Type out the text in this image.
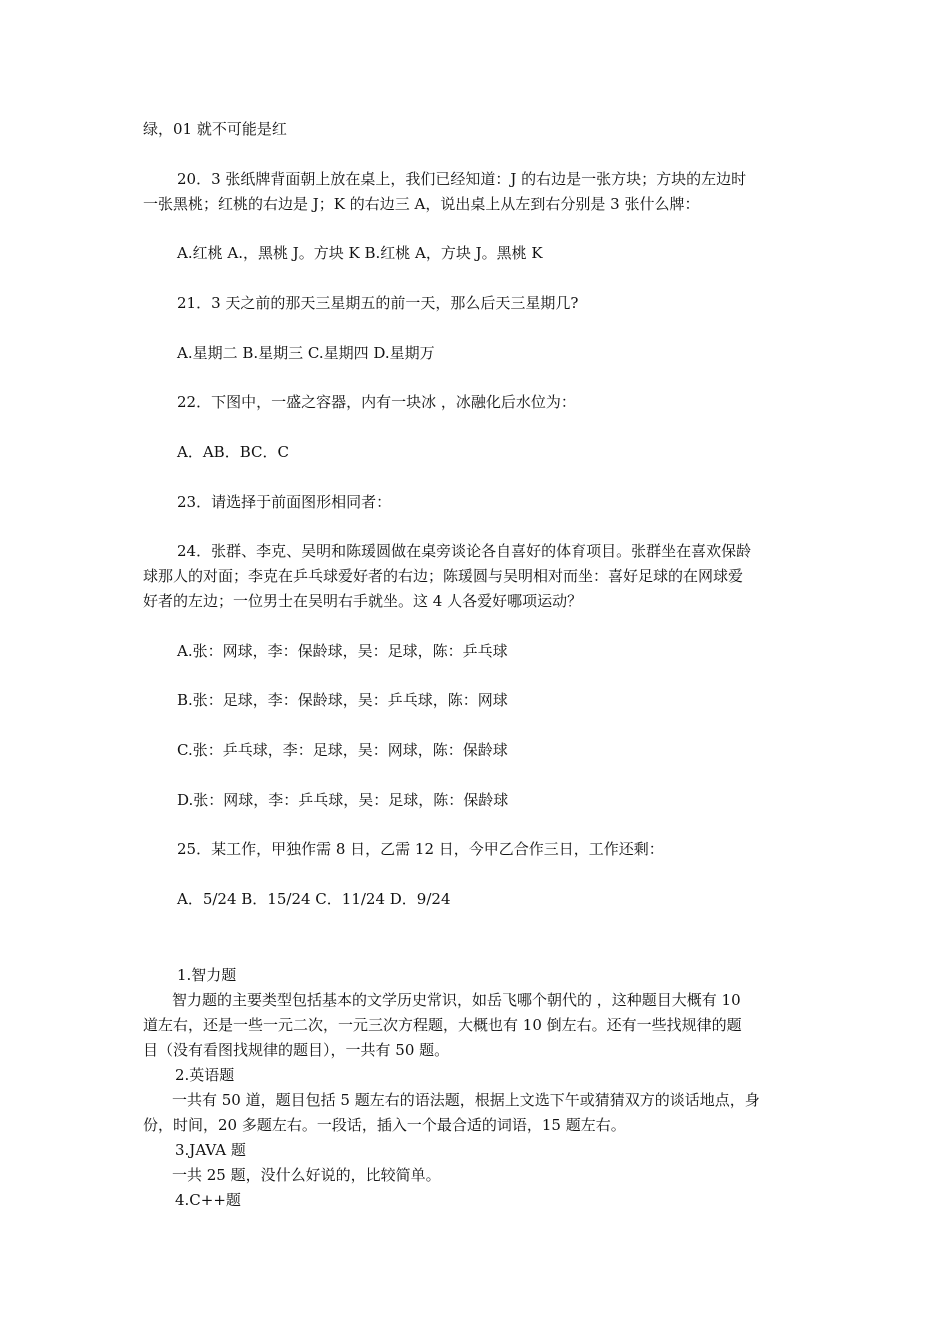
绿，01 就不可能是红
20．3 张纸牌背面朝上放在桌上，我们已经知道：J 的右边是一张方块；方块的左边时
一张黑桃；红桃的右边是 J；K 的右边三 A，说出桌上从左到右分别是 3 张什么牌：
A.红桃 A.，黑桃 J。方块 K B.红桃 A，方块 J。黑桃 K
21．3 天之前的那天三星期五的前一天，那么后天三星期几?
A.星期二 B.星期三 C.星期四 D.星期万
22．下图中，一盛之容器，内有一块冰 ，冰融化后水位为：
A．AB．BC．C
23．请选择于前面图形相同者：
24．张群、李克、吴明和陈瑗圆做在桌旁谈论各自喜好的体育项目。张群坐在喜欢保龄
球那人的对面；李克在乒乓球爱好者的右边；陈瑗圆与吴明相对而坐：喜好足球的在网球爱
好者的左边；一位男士在吴明右手就坐。这 4 人各爱好哪项运动？
A.张：网球，李：保龄球，吴：足球，陈：乒乓球
B.张：足球，李：保龄球，吴：乒乓球，陈：网球
C.张：乒乓球，李：足球，吴：网球，陈：保龄球
D.张：网球，李：乒乓球，吴：足球，陈：保龄球
25．某工作，甲独作需 8 日，乙需 12 日，今甲乙合作三日，工作还剩：
A．5/24 B．15/24 C．11/24 D．9/24
1.智力题
智力题的主要类型包括基本的文学历史常识，如岳飞哪个朝代的 ，这种题目大概有 10
道左右，还是一些一元二次，一元三次方程题，大概也有 10 倒左右。还有一些找规律的题
目（没有看图找规律的题目），一共有 50 题。
2.英语题
一共有 50 道，题目包括 5 题左右的语法题，根据上文选下午或猜猜双方的谈话地点，身
份，时间，20 多题左右。一段话，插入一个最合适的词语，15 题左右。
3.JAVA 题
一共 25 题，没什么好说的，比较简单。
4.C++题
